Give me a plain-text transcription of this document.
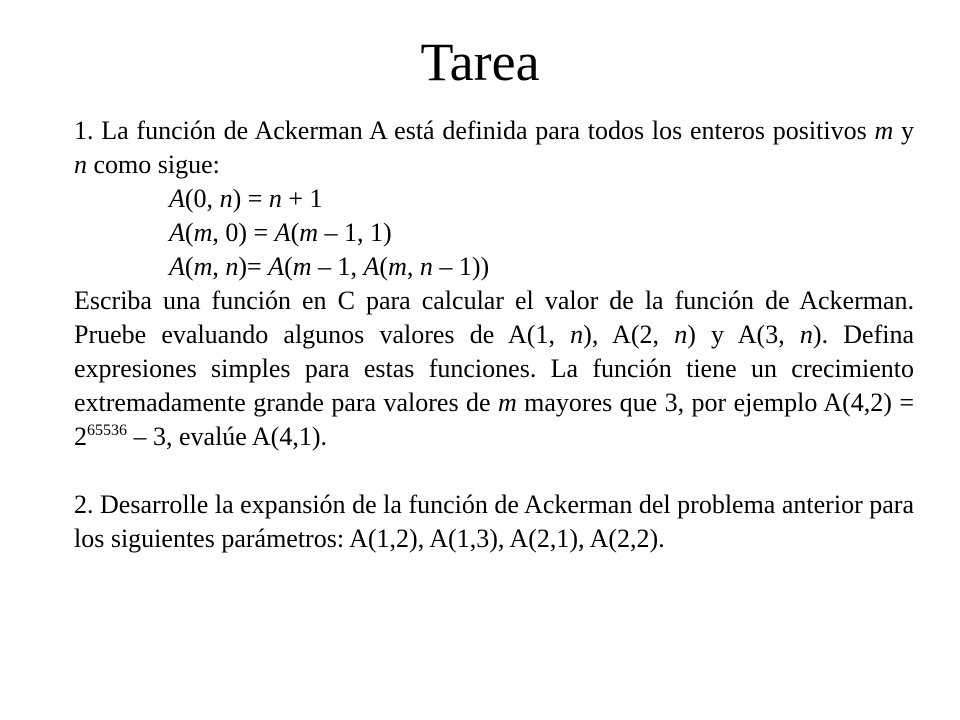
Tarea

1. La función de Ackerman A está definida para todos los enteros positivos m y n como sigue:

A(0, n) = n + 1
A(m, 0) = A(m – 1, 1)
A(m, n)= A(m – 1, A(m, n – 1))

Escriba una función en C para calcular el valor de la función de Ackerman. Pruebe evaluando algunos valores de A(1, n), A(2, n) y A(3, n). Defina expresiones simples para estas funciones. La función tiene un crecimiento extremadamente grande para valores de m mayores que 3, por ejemplo $A(4,2) = 2^{65536} - 3$, evalúe A(4,1).

2. Desarrolle la expansión de la función de Ackerman del problema anterior para los siguientes parámetros: A(1,2), A(1,3), A(2,1), A(2,2).
